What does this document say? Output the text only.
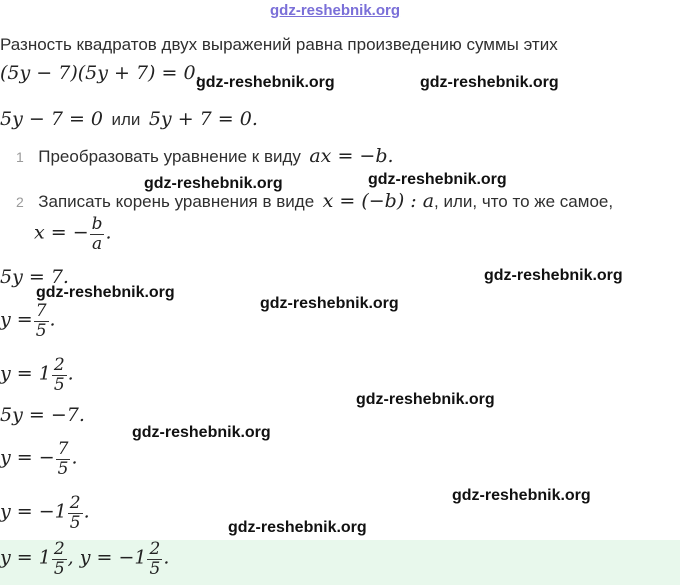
gdz-reshebnik.org
Разность квадратов двух выражений равна произведению суммы этих
(5y − 7)(5y + 7) = 0.
5y − 7 = 0 или 5y + 7 = 0.
1 Преобразовать уравнение к виду ax = −b.
2 Записать корень уравнения в виде x = (−b) : a, или, что то же самое,
x = − $\frac{b}{a}$ .
5y = 7.
$y = \frac{7}{5}$ .
$y = 1 \frac{2}{5}$ .
5y = −7.
y = − $\frac{7}{5}$ .
$y = -1 \frac{2}{5}$ .
$y = 1 \frac{2}{5}$ , $y = -1 \frac{2}{5}$ .
gdz-reshebnik.org	gdz-reshebnik.org
gdz-reshebnik.org	gdz-reshebnik.org
gdz-reshebnik.org
gdz-reshebnik.org
gdz-reshebnik.org
gdz-reshebnik.org
gdz-reshebnik.org
gdz-reshebnik.org
gdz-reshebnik.org
